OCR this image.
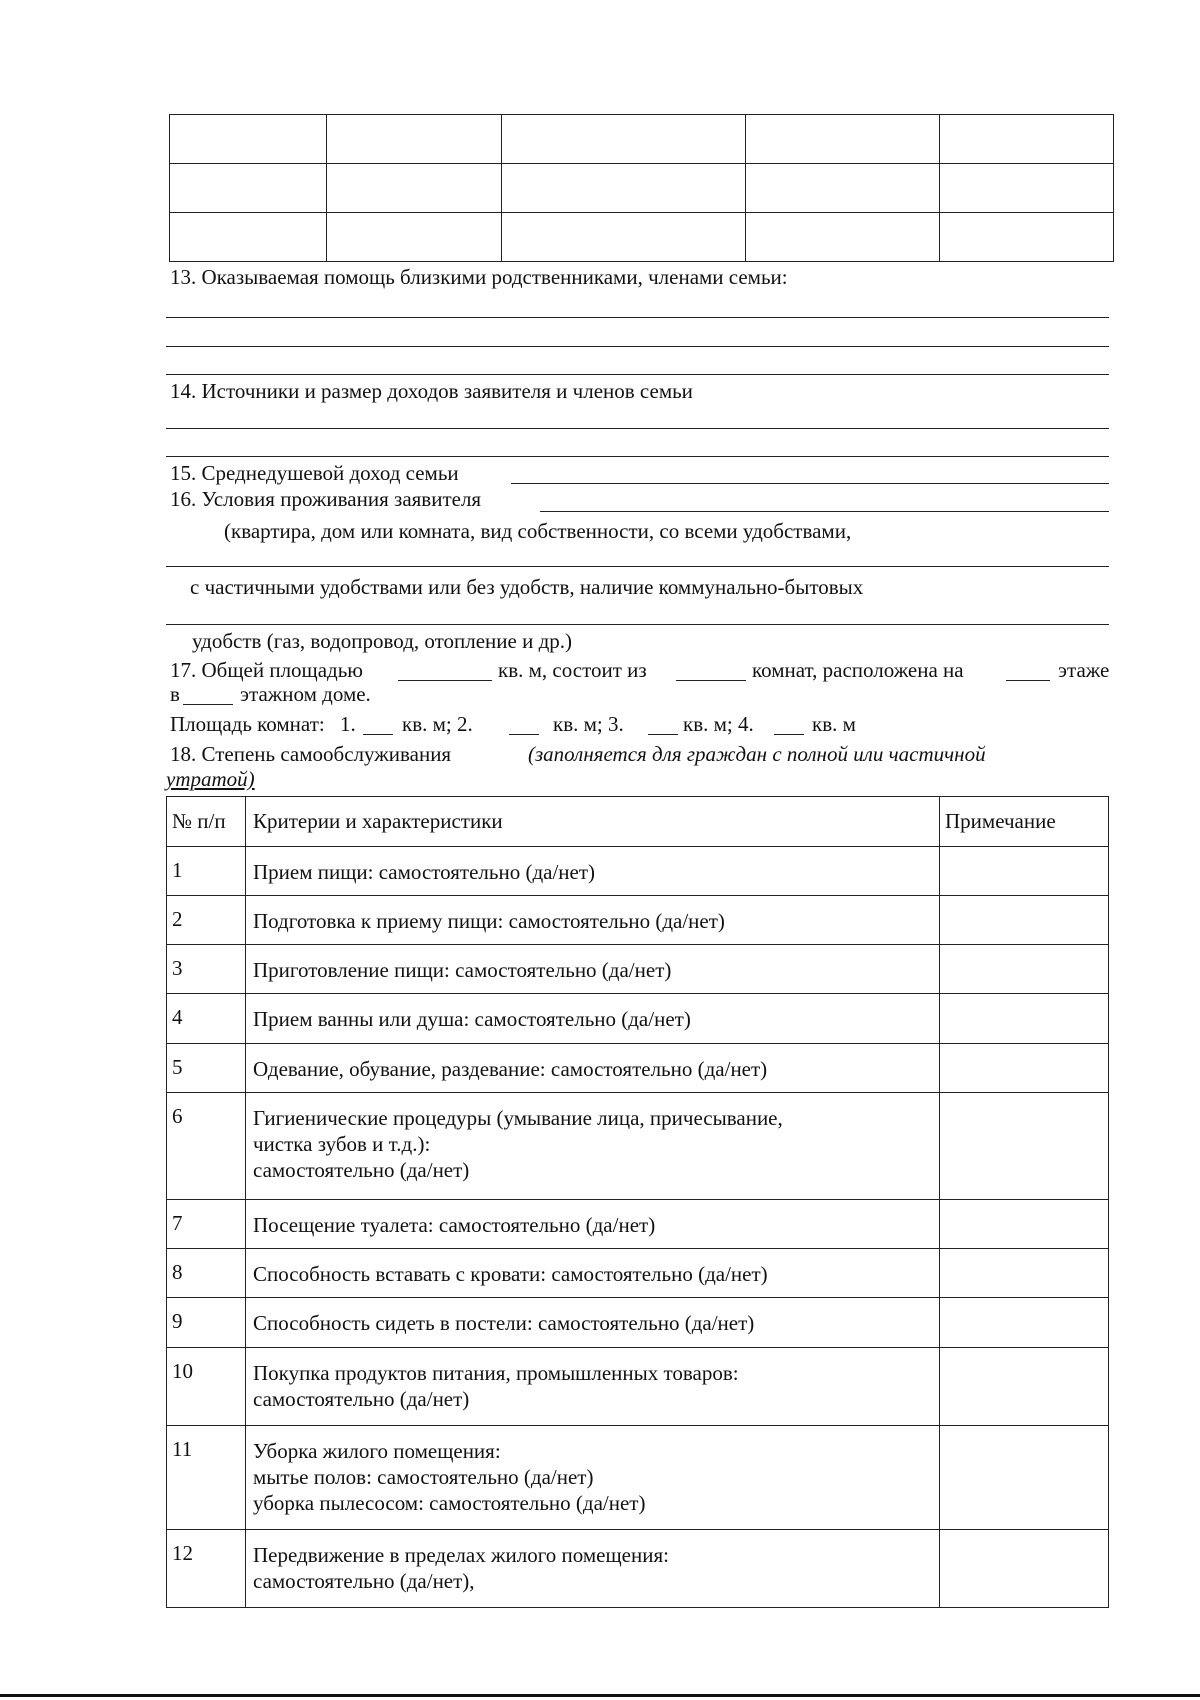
13. Оказываемая помощь близкими родственниками, членами семьи:
14. Источники и размер доходов заявителя и членов семьи
15. Среднедушевой доход семьи
16. Условия проживания заявителя
(квартира, дом или комната, вид собственности, со всеми удобствами,
с частичными удобствами или без удобств, наличие коммунально-бытовых
удобств (газ, водопровод, отопление и др.)
17. Общей площадью	кв. м, состоит из	комнат, расположена на	этаже
в	этажном доме.
Площадь комнат: 1. кв. м; 2.	кв. м; 3.	кв. м; 4.	кв. м
18. Степень самообслуживания	(заполняется для граждан с полной или частичной
утратой)
№ п/п	Критерии и характеристики	Примечание
1	Прием пищи: самостоятельно (да/нет)	

2	Подготовка к приему пищи: самостоятельно (да/нет)	

3	Приготовление пищи: самостоятельно (да/нет)	

4	Прием ванны или душа: самостоятельно (да/нет)	

5	Одевание, обувание, раздевание: самостоятельно (да/нет)	

6	Гигиенические процедуры (умывание лица, причесывание,
чистка зубов и т.д.):
самостоятельно (да/нет)	

7	Посещение туалета: самостоятельно (да/нет)	

8	Способность вставать с кровати: самостоятельно (да/нет)	

9	Способность сидеть в постели: самостоятельно (да/нет)	

10	Покупка продуктов питания, промышленных товаров:
самостоятельно (да/нет)	

11	Уборка жилого помещения:
мытье полов: самостоятельно (да/нет)
уборка пылесосом: самостоятельно (да/нет)	

12	Передвижение в пределах жилого помещения:
самостоятельно (да/нет),	
